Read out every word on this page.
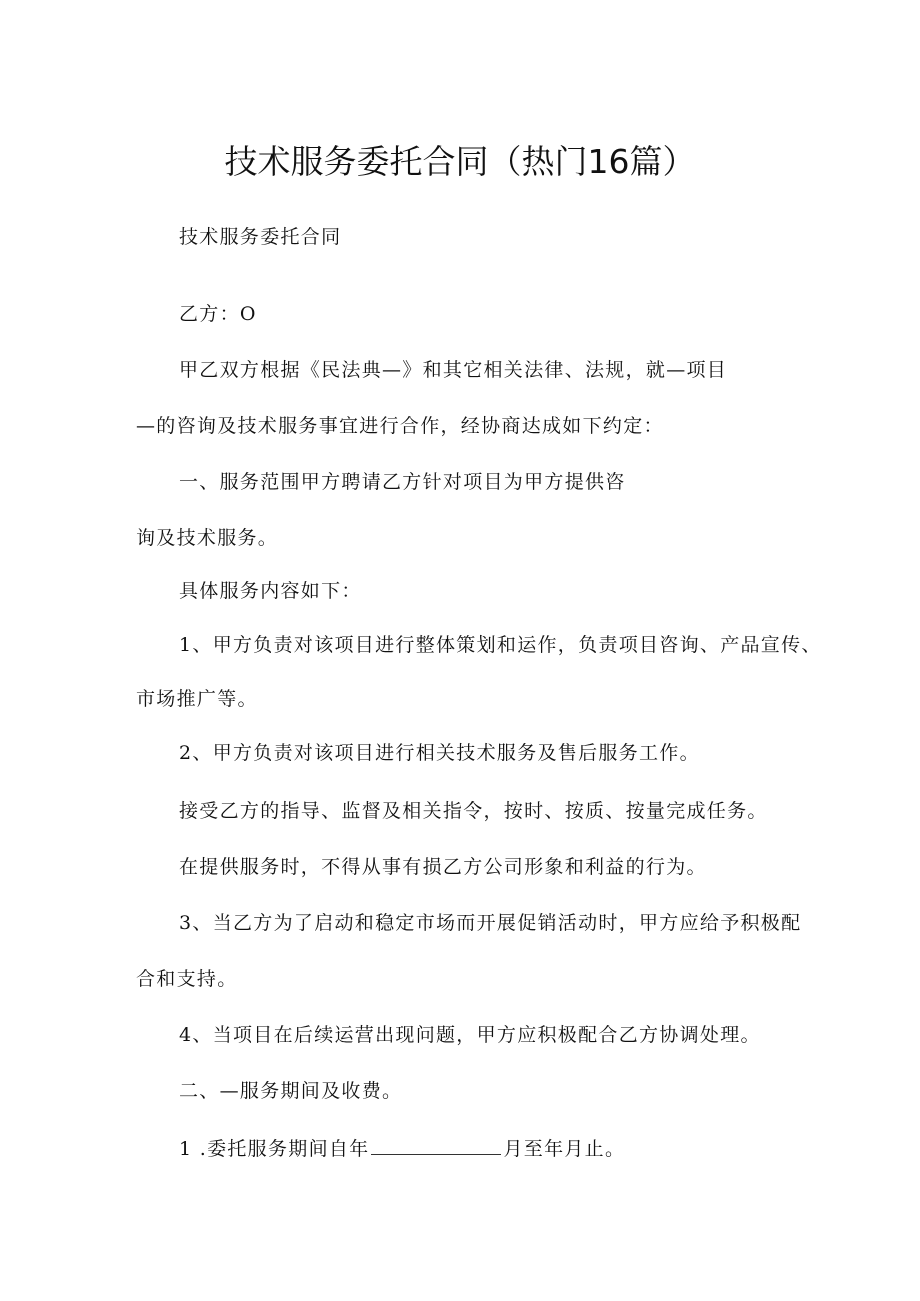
技术服务委托合同（热门16篇）
技术服务委托合同
乙方：O
甲乙双方根据《民法典—》和其它相关法律、法规，就—项目
—的咨询及技术服务事宜进行合作，经协商达成如下约定：
一、服务范围甲方聘请乙方针对项目为甲方提供咨
询及技术服务。
具体服务内容如下：
1、甲方负责对该项目进行整体策划和运作，负责项目咨询、产品宣传、
市场推广等。
2、甲方负责对该项目进行相关技术服务及售后服务工作。
接受乙方的指导、监督及相关指令，按时、按质、按量完成任务。
在提供服务时，不得从事有损乙方公司形象和利益的行为。
3、当乙方为了启动和稳定市场而开展促销活动时，甲方应给予积极配
合和支持。
4、当项目在后续运营出现问题，甲方应积极配合乙方协调处理。
二、—服务期间及收费。
1 .委托服务期间自年	月至年月止。
